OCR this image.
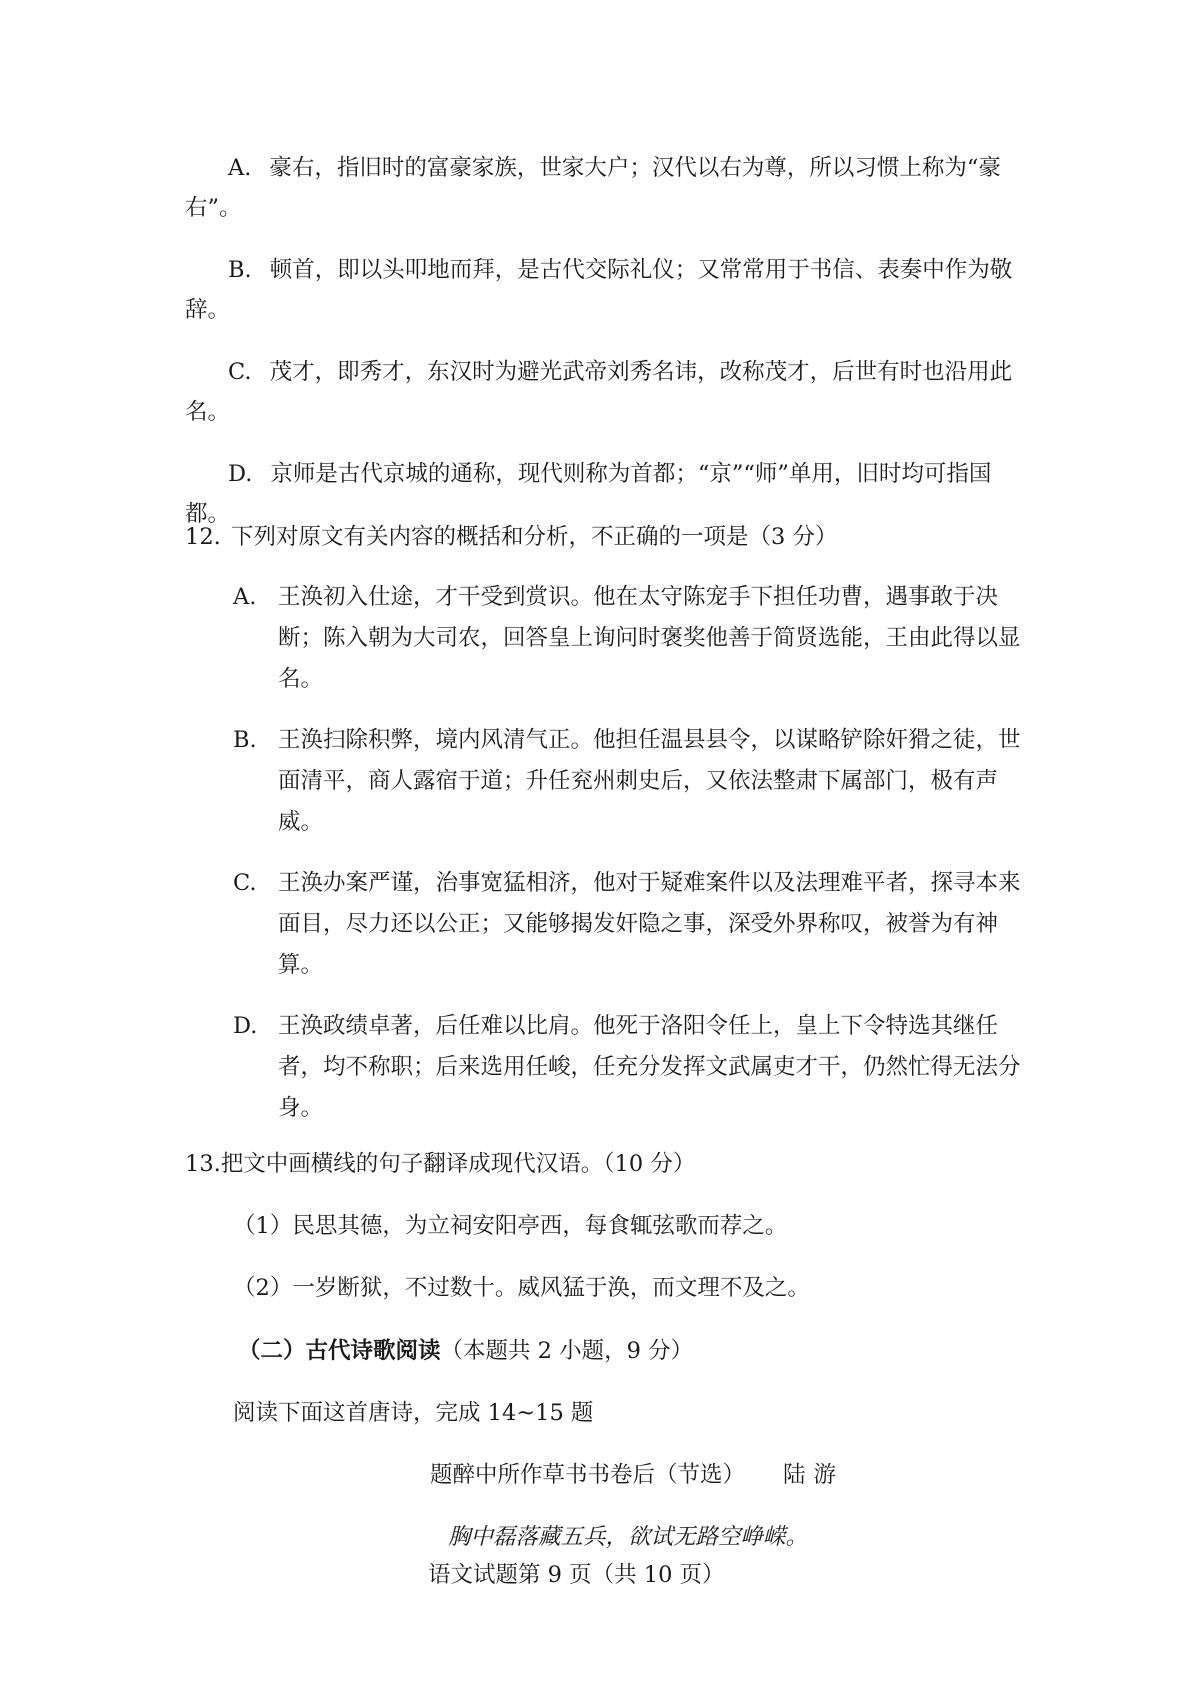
A. 豪右，指旧时的富豪家族，世家大户；汉代以右为尊，所以习惯上称为“豪右”。

B. 顿首，即以头叩地而拜，是古代交际礼仪；又常常用于书信、表奏中作为敬辞。

C. 茂才，即秀才，东汉时为避光武帝刘秀名讳，改称茂才，后世有时也沿用此名。

D. 京师是古代京城的通称，现代则称为首都；“京”“师”单用，旧时均可指国都。

12. 下列对原文有关内容的概括和分析，不正确的一项是（3 分）

A. 王涣初入仕途，才干受到赏识。他在太守陈宠手下担任功曹，遇事敢于决断；陈入朝为大司农，回答皇上询问时褒奖他善于简贤选能，王由此得以显名。
B. 王涣扫除积弊，境内风清气正。他担任温县县令，以谋略铲除奸猾之徒，世面清平，商人露宿于道；升任兖州刺史后，又依法整肃下属部门，极有声威。
C. 王涣办案严谨，治事宽猛相济，他对于疑难案件以及法理难平者，探寻本来面目，尽力还以公正；又能够揭发奸隐之事，深受外界称叹，被誉为有神算。
D. 王涣政绩卓著，后任难以比肩。他死于洛阳令任上，皇上下令特选其继任者，均不称职；后来选用任峻，任充分发挥文武属吏才干，仍然忙得无法分身。

13.把文中画横线的句子翻译成现代汉语。（10 分）

（1）民思其德，为立祠安阳亭西，每食辄弦歌而荐之。

（2）一岁断狱，不过数十。威风猛于涣，而文理不及之。

（二）古代诗歌阅读（本题共 2 小题，9 分）

阅读下面这首唐诗，完成 14~15 题

题醉中所作草书书卷后（节选） 陆游

胸中磊落藏五兵，欲试无路空峥嵘。

语文试题第 9 页（共 10 页）
